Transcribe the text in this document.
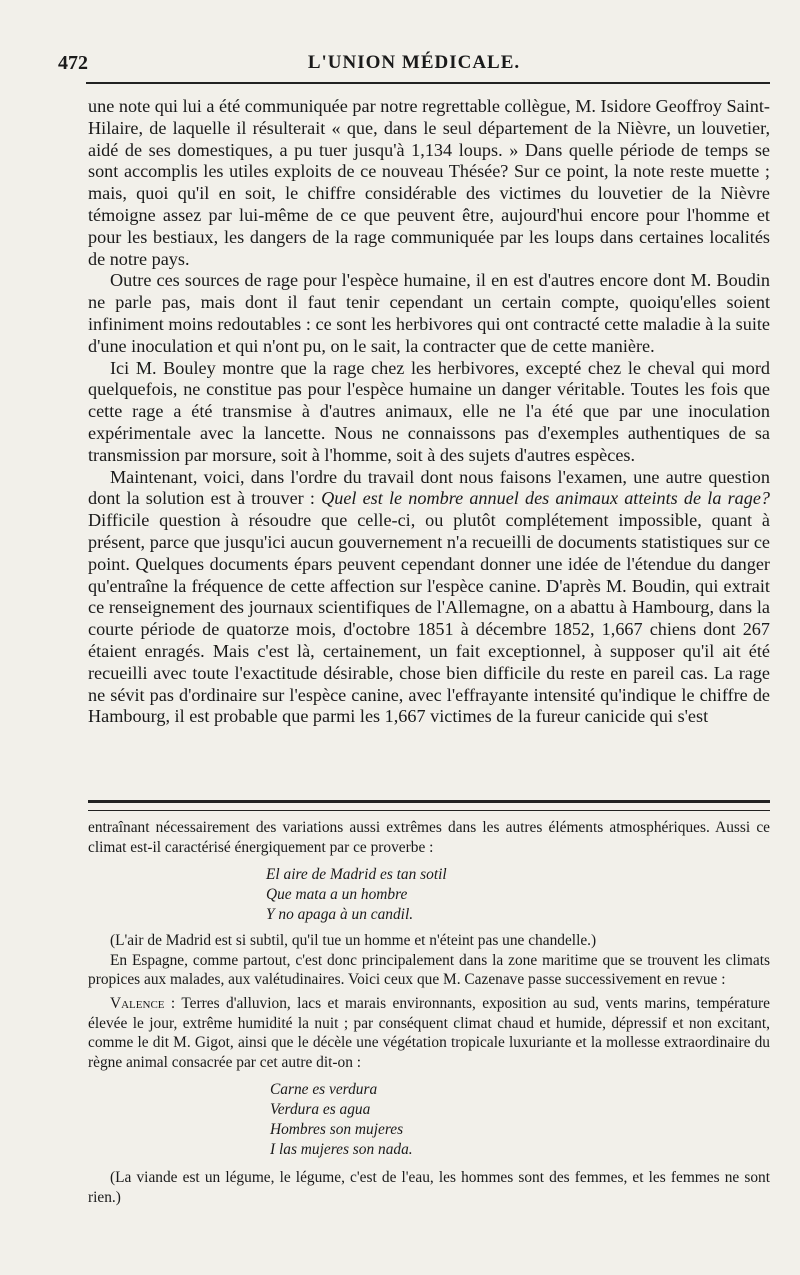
472	L'UNION MÉDICALE.

une note qui lui a été communiquée par notre regrettable collègue, M. Isidore Geoffroy Saint-Hilaire, de laquelle il résulterait « que, dans le seul département de la Nièvre, un louvetier, aidé de ses domestiques, a pu tuer jusqu'à 1,134 loups. » Dans quelle période de temps se sont accomplis les utiles exploits de ce nouveau Thésée? Sur ce point, la note reste muette ; mais, quoi qu'il en soit, le chiffre considérable des victimes du louvetier de la Nièvre témoigne assez par lui-même de ce que peuvent être, aujourd'hui encore pour l'homme et pour les bestiaux, les dangers de la rage communiquée par les loups dans certaines localités de notre pays.

Outre ces sources de rage pour l'espèce humaine, il en est d'autres encore dont M. Boudin ne parle pas, mais dont il faut tenir cependant un certain compte, quoiqu'elles soient infiniment moins redoutables : ce sont les herbivores qui ont contracté cette maladie à la suite d'une inoculation et qui n'ont pu, on le sait, la contracter que de cette manière.

Ici M. Bouley montre que la rage chez les herbivores, excepté chez le cheval qui mord quelquefois, ne constitue pas pour l'espèce humaine un danger véritable. Toutes les fois que cette rage a été transmise à d'autres animaux, elle ne l'a été que par une inoculation expérimentale avec la lancette. Nous ne connaissons pas d'exemples authentiques de sa transmission par morsure, soit à l'homme, soit à des sujets d'autres espèces.

Maintenant, voici, dans l'ordre du travail dont nous faisons l'examen, une autre question dont la solution est à trouver : Quel est le nombre annuel des animaux atteints de la rage? Difficile question à résoudre que celle-ci, ou plutôt complétement impossible, quant à présent, parce que jusqu'ici aucun gouvernement n'a recueilli de documents statistiques sur ce point. Quelques documents épars peuvent cependant donner une idée de l'étendue du danger qu'entraîne la fréquence de cette affection sur l'espèce canine. D'après M. Boudin, qui extrait ce renseignement des journaux scientifiques de l'Allemagne, on a abattu à Hambourg, dans la courte période de quatorze mois, d'octobre 1851 à décembre 1852, 1,667 chiens dont 267 étaient enragés. Mais c'est là, certainement, un fait exceptionnel, à supposer qu'il ait été recueilli avec toute l'exactitude désirable, chose bien difficile du reste en pareil cas. La rage ne sévit pas d'ordinaire sur l'espèce canine, avec l'effrayante intensité qu'indique le chiffre de Hambourg, il est probable que parmi les 1,667 victimes de la fureur canicide qui s'est

entraînant nécessairement des variations aussi extrêmes dans les autres éléments atmosphériques. Aussi ce climat est-il caractérisé énergiquement par ce proverbe :

El aire de Madrid es tan sotil
Que mata a un hombre
Y no apaga à un candil.

(L'air de Madrid est si subtil, qu'il tue un homme et n'éteint pas une chandelle.)

En Espagne, comme partout, c'est donc principalement dans la zone maritime que se trouvent les climats propices aux malades, aux valétudinaires. Voici ceux que M. Cazenave passe successivement en revue :

Valence : Terres d'alluvion, lacs et marais environnants, exposition au sud, vents marins, température élevée le jour, extrême humidité la nuit ; par conséquent climat chaud et humide, dépressif et non excitant, comme le dit M. Gigot, ainsi que le décèle une végétation tropicale luxuriante et la mollesse extraordinaire du règne animal consacrée par cet autre dit-on :

Carne es verdura
Verdura es agua
Hombres son mujeres
I las mujeres son nada.

(La viande est un légume, le légume, c'est de l'eau, les hommes sont des femmes, et les femmes ne sont rien.)
